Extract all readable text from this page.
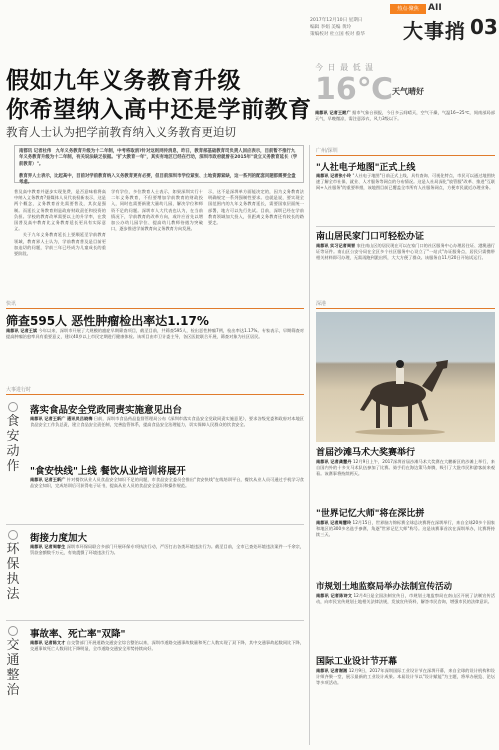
热点·聚焦	AII
2017年12月10日 星期日
编辑 李娟 美编 黄玲
策编校对 杜立国 校对 蔡华	大事捎 03
假如九年义务教育升级
你希望纳入高中还是学前教育
教育人士认为把学前教育纳入义务教育更迫切
今 日 最 低 温
16℃
天气晴好
南都讯 记者王耐广 据市气象台预报，今日多云间晴天，空气干燥，气温16~25℃，间南部局部天气，早晚微凉，需注意添衣，风力3级以下。
南都讯 记者杜伟　九年义务教育升级为十二年制，中考将取消?针对这则网传消息，昨日，教育部基础教育司负责人回应表示，目前暂不推行九年义务教育升级为十二年制，有关说法缺乏依据。"扩大教育一年"，其实有地区已经在行动，深圳市政府就曾在2015年"设立义务教育延长（学前教育）"。
教育界人士表示，比起高中，目前对学前教育纳入义务教育更有必要，但目前深圳市学位紧张、土地资源紧缺，这一系列的配套问题都需要全盘考虑。
普及高中教育并逐步实现免费，是否意味着将高中纳入义务教育?据媒体人员代表权新表示，这是两个概念，义务教育首先需要普及，其次是强制。而延长义务教育则是政府财政责任和投资的负担。学校的教育改革需要以上的升学率，在我国普及高中教育比义务教育延长更具有实际意义。
　　关于九年义务教育延长上要顺延至学前教育领域，教育界人士认为，学前教育普及是目前更加迫切的问题，学前三年已经成为儿童成长的重要阶段。
学有学位，多位教育人士表示，如果深圳实行十二年义务教育，不但要增加学前教育的财政投入，同时也需要新建大量幼儿园，解决学位和师资不足的问题。深圳市人大代表也认为，在当前情况下，学前教育的改革方向，或许应首先以增加公办幼儿园学位、提高幼儿教师待遇为突破口，逐步推进学前教育向义务教育方向发展。
示，这不是深圳单方面能决定的，因为义务教育法明确规定一系列强制性要求。也就是说，要实现全国范围内的九年义务教育延长，需要国家层面统一部署，地方可以先行先试。目前，深圳已经在学前教育领域加大投入，但距离义务教育还有较长的路要走。
广州/深圳
"人社电子地图"正式上线
南都讯 记者张小玲 "人社电子地图"日前正式上线，具有查询、可视化特点，市民可以通过地图快速了解全市社保、就业、人才服务等网点的分布情况。这是人社局深化"放管服"改革、推进"互联网+人社服务"的重要举措，该地图目前已覆盖全市所有人社服务网点，方便市民就近办理业务。
南山居民家门口可轻松办证
南都讯 实习记者周晋 家住南山区的居民现在可以在家门口的社区服务中心办理居住证、港澳通行证等证件。南山区公安分局在全区多个社区服务中心设立了"一站式"办证服务点，居民只需携带相关材料即可办理，无需再跑到派出所，大大方便了群众。该服务自11月20日开始试运行。
快讯
筛查595人 恶性肿瘤检出率达1.17%
南都讯 记者王斌 今年以来，深圳市开展了大规模的癌症早期筛查项目，截至目前，共筛查595人，检出恶性肿瘤7例，检出率达1.17%。专家表示，早期筛查对提高肿瘤治愈率具有重要意义，建议40岁以上市民定期进行健康体检。该项目由市卫计委主导，各区医院联合开展，筛查对象为社区居民。
深港
首届沙滩马术大奖赛举行
南都讯 记者龚慧丹 12月9日上午，2017深圳首届沙滩马术大奖赛在大鹏新区的沙滩上举行，来自国内外的十多支马术队伍参加了比赛。骑手们在海边策马奔腾，吸引了大批市民和游客前来观看。该赛事将持续两天。
"世界记忆大师"将在深比拼
南都讯 记者周慧玲 12月15日，世界脑力锦标赛全球总决赛将在深圳举行，来自全球20多个国家和地区的300多名选手参赛，角逐"世界记忆大师"称号。这是该赛事首次在深圳举办，比赛将持续三天。
市规划土地监察局举办法制宣传活动
南都讯 记者陈诗文 12月4日是全国法制宣传日，市规划土地监察局在南山区开展了法制宣传活动，向市民宣传规划土地相关法律法规，发放宣传资料，解答市民咨询，增强市民的法律意识。
国际工业设计节开幕
南都讯 记者谢湘 12月9日，2017年深圳国际工业设计节在深圳开幕，来自全球的设计机构和设计师齐聚一堂，展示最新的工业设计成果。本届设计节以"设计赋能"为主题，将举办展览、论坛等多项活动。
大事进行时
食安动作
落实食品安全党政同责实施意见出台
南都讯 记者王新广 通讯员吕晓梅 日前，深圳市食品药品监督管理局公布《深圳市落实食品安全党政同责实施意见》，要求各级党委和政府对本地区食品安全工作负总责，建立食品安全责任制，完善监管体系，提高食品安全治理能力，切实保障人民群众的饮食安全。
"食安快线"上线 餐饮从业培训将展开
南都讯 记者王新广 针对餐饮从业人员食品安全知识不足的问题，市食品安全委员会推出"食安快线"在线培训平台，餐饮从业人员可通过手机学习食品安全知识，完成培训后可获得电子证书，提高从业人员的食品安全意识和操作规范。
环保执法
街接力度加大
南都讯 记者周春生 深圳市环保局联合多部门开展环保专项执法行动，严厉打击各类环境违法行为。截至目前，全市已查处环境违法案件一千余宗，罚款金额数千万元，有效震慑了环境违法行为。
交通整治
事故率、死亡率"双降"
南都讯 记者陈文才 自交警部门开展道路交通安全综合整治以来，深圳市道路交通事故数量和死亡人数实现了双下降，其中交通事故起数同比下降，交通事故死亡人数同比下降明显，全市道路交通安全形势持续向好。
